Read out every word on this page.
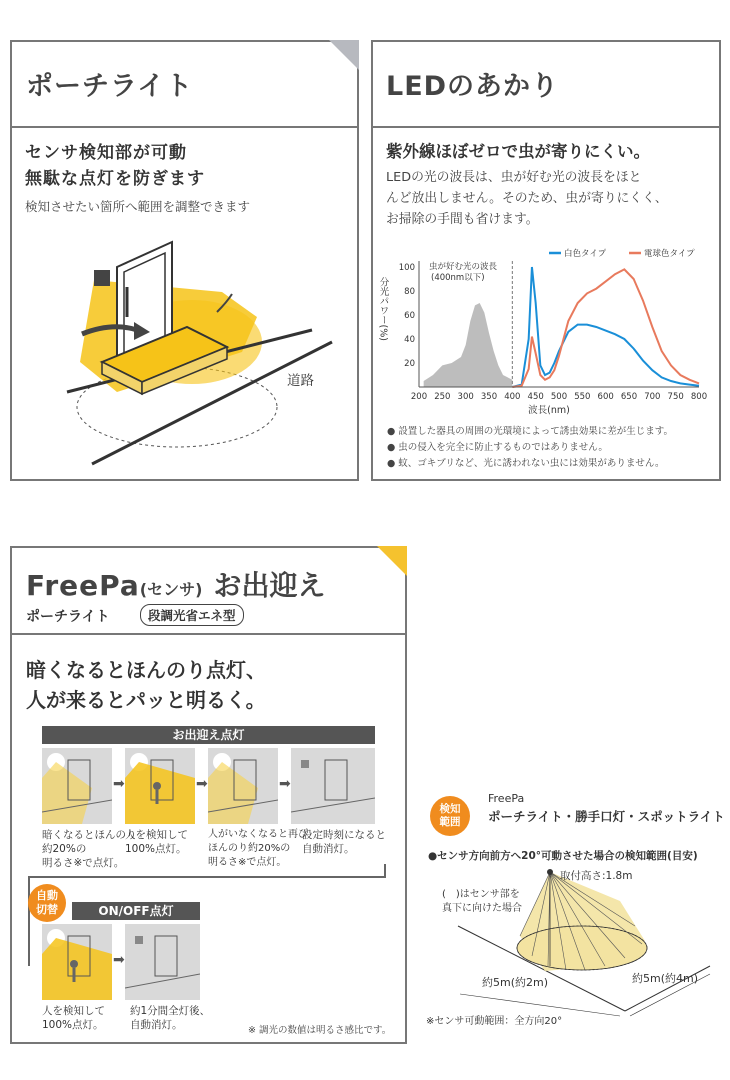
ポーチライト
センサ検知部が可動
無駄な点灯を防ぎます
検知させたい箇所へ範囲を調整できます
道路
LEDのあかり
紫外線ほぼゼロで虫が寄りにくい。
LEDの光の波長は、虫が好む光の波長をほと
んど放出しません。そのため、虫が寄りにくく、
お掃除の手間も省けます。
200 250 300 350 400 450 500 550 600 650 700 750 800
100
80
60
40
20
波長(nm)
分光パワー(%)
白色タイプ	電球色タイプ
虫が好む光の波長
(400nm以下)
● 設置した器具の周囲の光環境によって誘虫効果に差が生じます。
● 虫の侵入を完全に防止するものではありません。
● 蚊、ゴキブリなど、光に誘われない虫には効果がありません。
FreePa(センサ) お出迎え
ポーチライト	段調光省エネ型
暗くなるとほんのり点灯、
人が来るとパッと明るく。
お出迎え点灯
➡	➡	➡
暗くなるとほんのり
約20%の
明るさ※で点灯。
人を検知して
100%点灯。
人がいなくなると再び
ほんのり約20%の
明るさ※で点灯。
設定時刻になると
自動消灯。
自動
切替	ON/OFF点灯
➡
人を検知して
100%点灯。
約1分間全灯後、
自動消灯。	※ 調光の数値は明るさ感比です。
検知
範囲
FreePa
ポーチライト・勝手口灯・スポットライト
●センサ方向前方へ20°可動させた場合の検知範囲(目安)
取付高さ:1.8m
(　)はセンサ部を
真下に向けた場合
約5m(約2m)	約5m(約4m)
※センサ可動範囲：全方向20°
